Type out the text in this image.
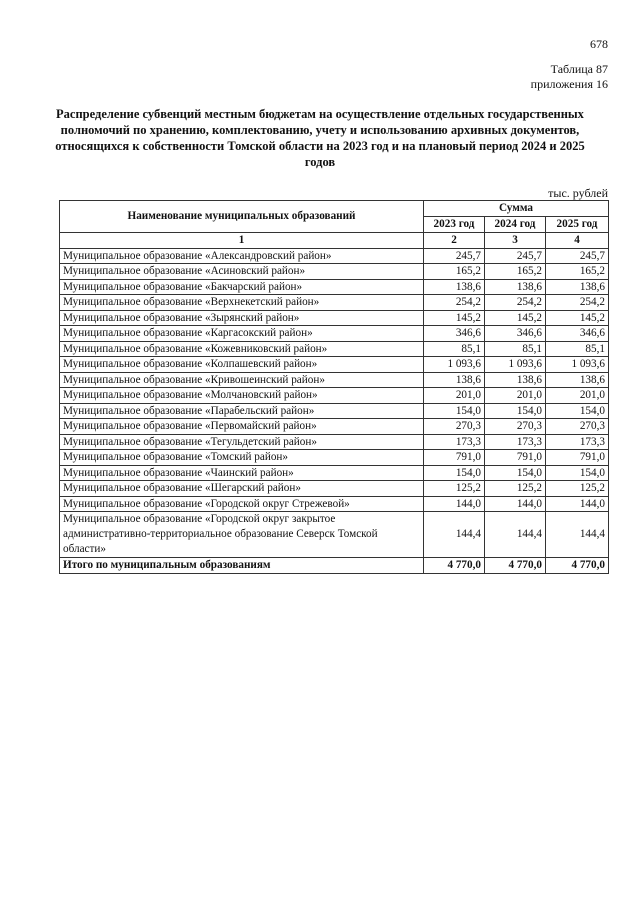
678
Таблица 87
приложения 16
Распределение субвенций местным бюджетам на осуществление отдельных государственных полномочий по хранению, комплектованию, учету и использованию архивных документов, относящихся к собственности Томской области на 2023 год и на плановый период 2024 и 2025 годов
тыс. рублей
Наименование муниципальных образований	Сумма		
	2023 год	2024 год	2025 год
1	2	3	4
Муниципальное образование «Александровский район»	245,7	245,7	245,7
Муниципальное образование «Асиновский район»	165,2	165,2	165,2
Муниципальное образование «Бакчарский район»	138,6	138,6	138,6
Муниципальное образование «Верхнекетский район»	254,2	254,2	254,2
Муниципальное образование «Зырянский район»	145,2	145,2	145,2
Муниципальное образование «Каргасокский район»	346,6	346,6	346,6
Муниципальное образование «Кожевниковский район»	85,1	85,1	85,1
Муниципальное образование «Колпашевский район»	1 093,6	1 093,6	1 093,6
Муниципальное образование «Кривошеинский район»	138,6	138,6	138,6
Муниципальное образование «Молчановский район»	201,0	201,0	201,0
Муниципальное образование «Парабельский район»	154,0	154,0	154,0
Муниципальное образование «Первомайский район»	270,3	270,3	270,3
Муниципальное образование «Тегульдетский район»	173,3	173,3	173,3
Муниципальное образование «Томский район»	791,0	791,0	791,0
Муниципальное образование «Чаинский район»	154,0	154,0	154,0
Муниципальное образование «Шегарский район»	125,2	125,2	125,2
Муниципальное образование «Городской округ Стрежевой»	144,0	144,0	144,0
Муниципальное образование «Городской округ закрытое административно-территориальное образование Северск Томской области»	144,4	144,4	144,4
Итого по муниципальным образованиям	4 770,0	4 770,0	4 770,0
